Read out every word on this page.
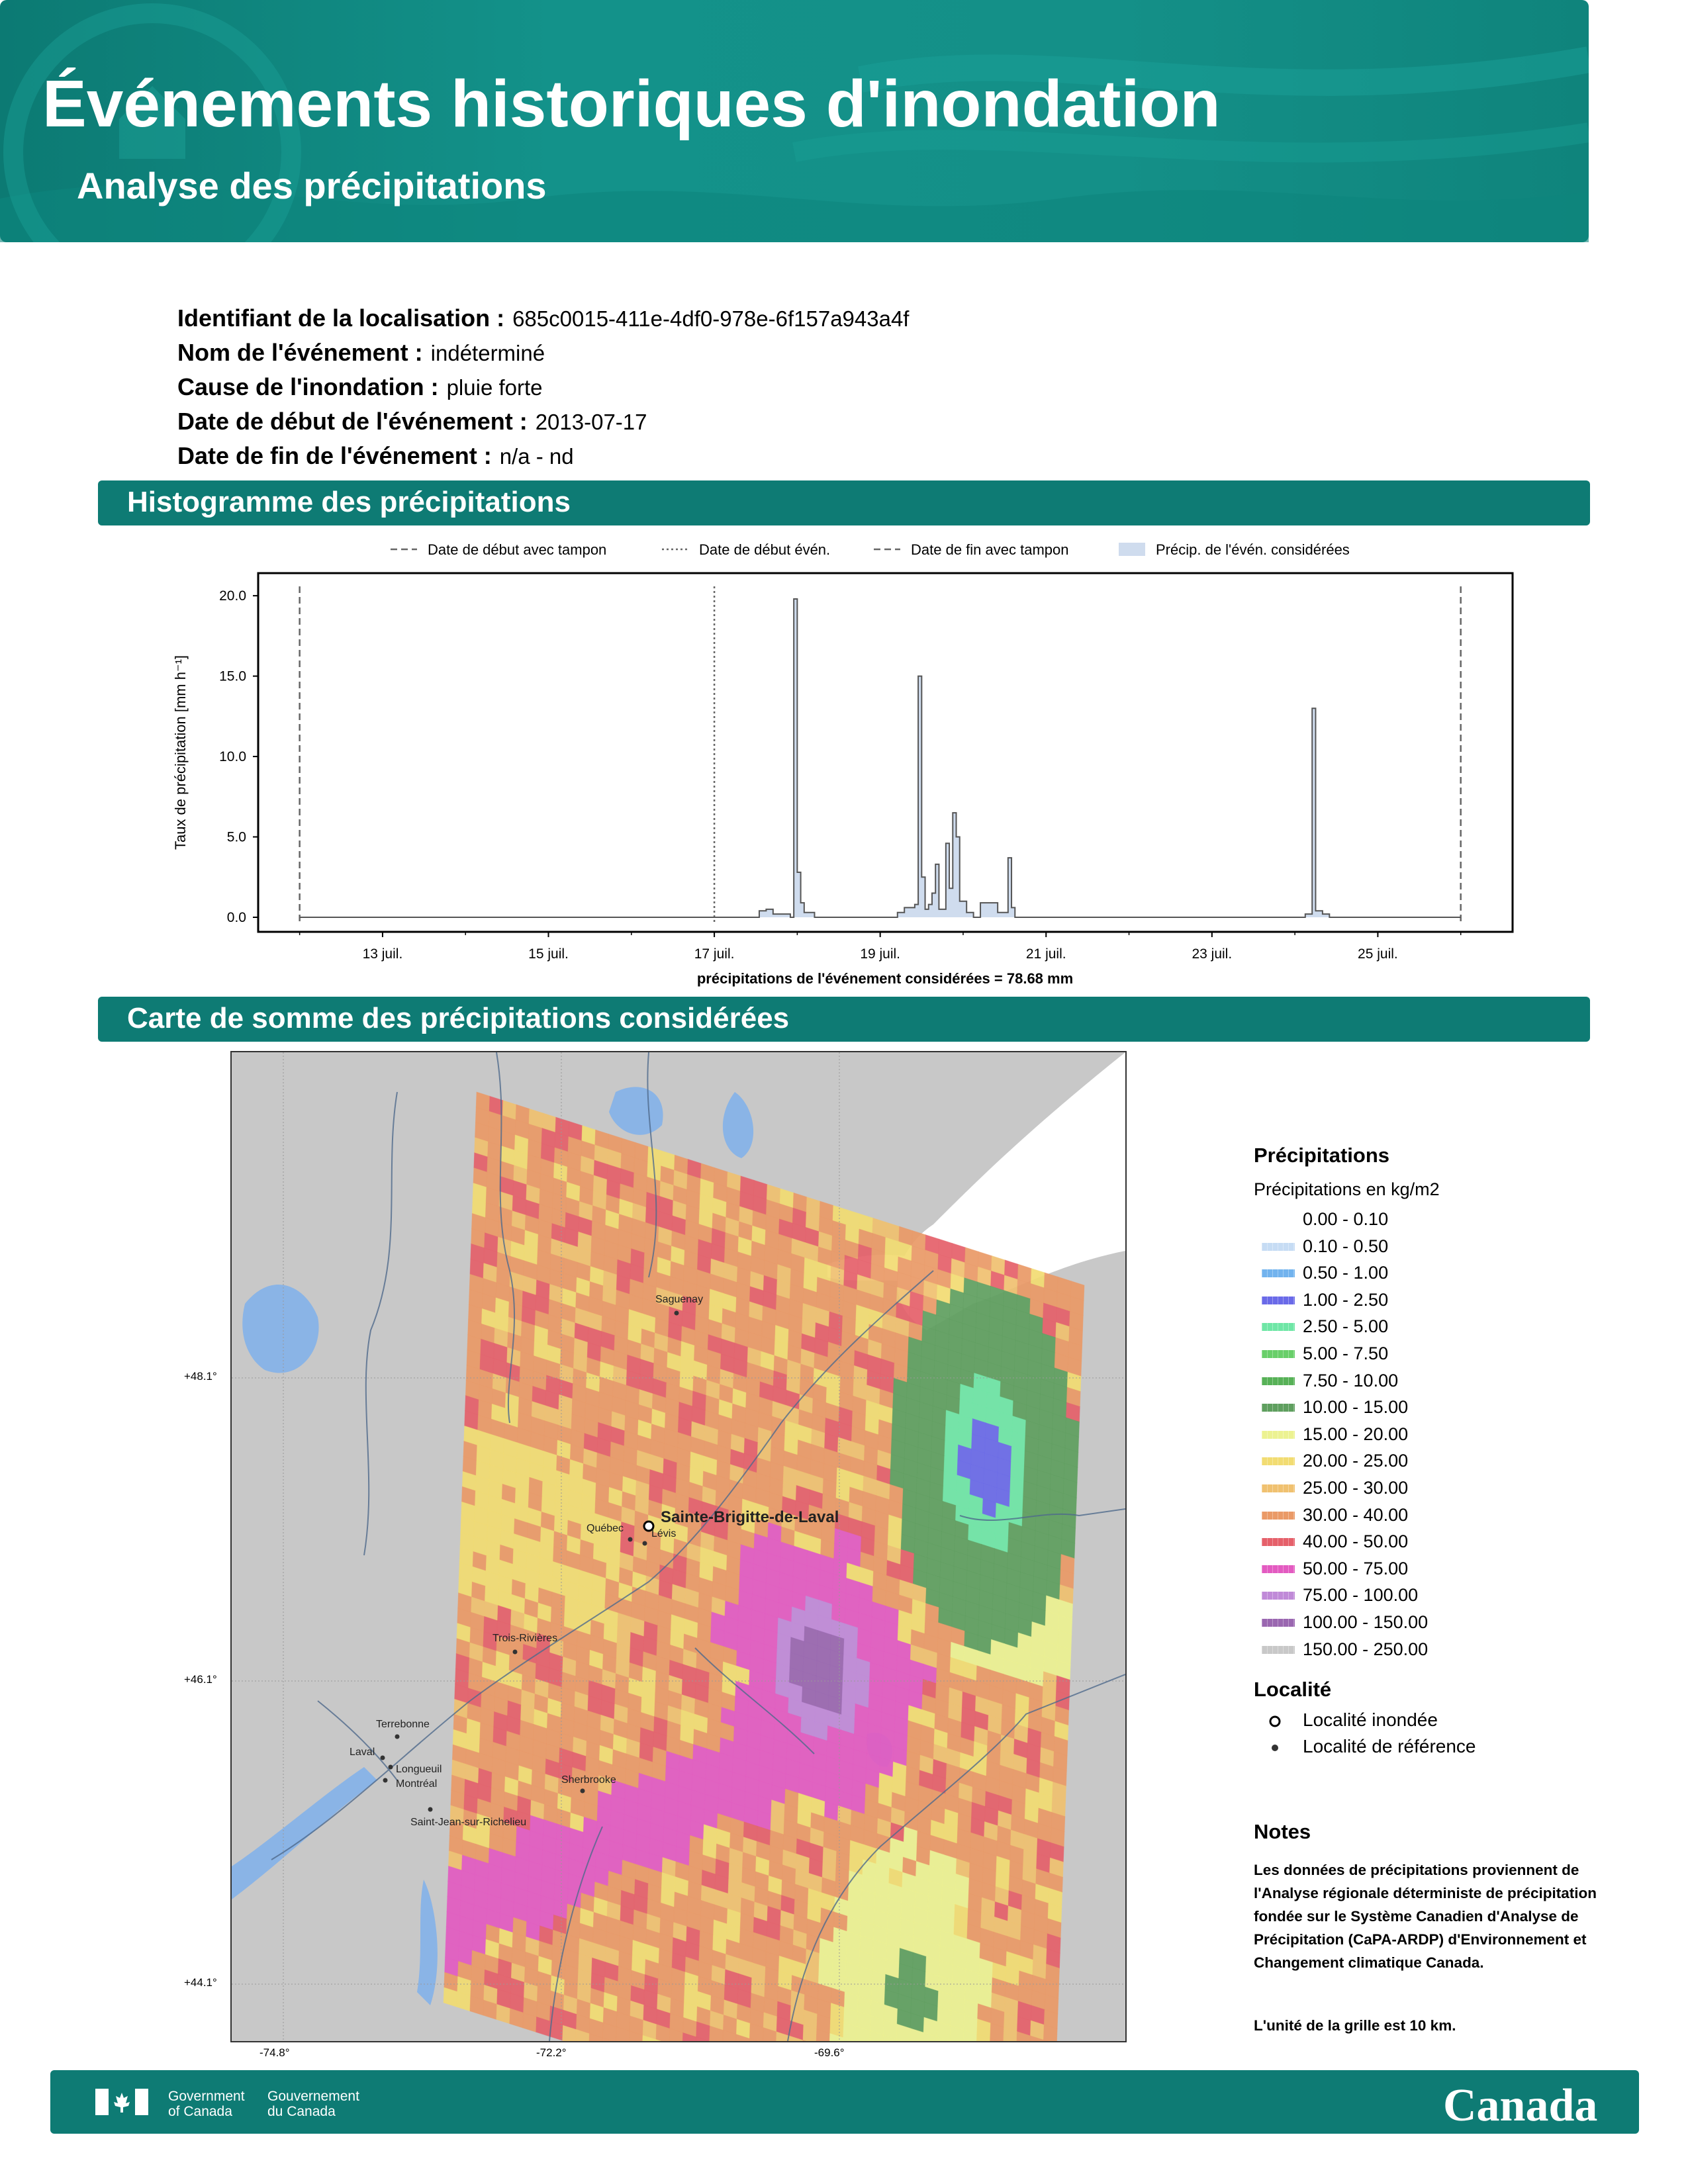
Événements historiques d'inondation
Analyse des précipitations
Identifiant de la localisation : 685c0015-411e-4df0-978e-6f157a943a4f
Nom de l'événement : indéterminé
Cause de l'inondation : pluie forte
Date de début de l'événement : 2013-07-17
Date de fin de l'événement : n/a - nd
Histogramme des précipitations
Date de début avec tampon	Date de début évén.	Date de fin avec tampon	Précip. de l'évén. considérées
Taux de précipitation [mm h⁻¹]
précipitations de l'événement considérées = 78.68 mm
0.0
5.0
10.0
15.0
20.0
13 juil.	15 juil.	17 juil.	19 juil.	21 juil.	23 juil.	25 juil.
Carte de somme des précipitations considérées
Sainte-Brigitte-de-Laval
Saguenay
Québec	Lévis
Trois-Rivières
Terrebonne
Laval
Longueuil
Montréal	Sherbrooke
Saint-Jean-sur-Richelieu
+48.1°
+46.1°
+44.1°
-74.8°	-72.2°	-69.6°
Précipitations
Précipitations en kg/m2
0.00 - 0.10
0.10 - 0.50
0.50 - 1.00
1.00 - 2.50
2.50 - 5.00
5.00 - 7.50
7.50 - 10.00
10.00 - 15.00
15.00 - 20.00
20.00 - 25.00
25.00 - 30.00
30.00 - 40.00
40.00 - 50.00
50.00 - 75.00
75.00 - 100.00
100.00 - 150.00
150.00 - 250.00
Localité
Localité inondée
Localité de référence
Notes
Les données de précipitations proviennent de l'Analyse régionale déterministe de précipitation fondée sur le Système Canadien d'Analyse de Précipitation (CaPA-ARDP) d'Environnement et Changement climatique Canada.
L'unité de la grille est 10 km.
Government
of Canada
Gouvernement
du Canada	Canada
